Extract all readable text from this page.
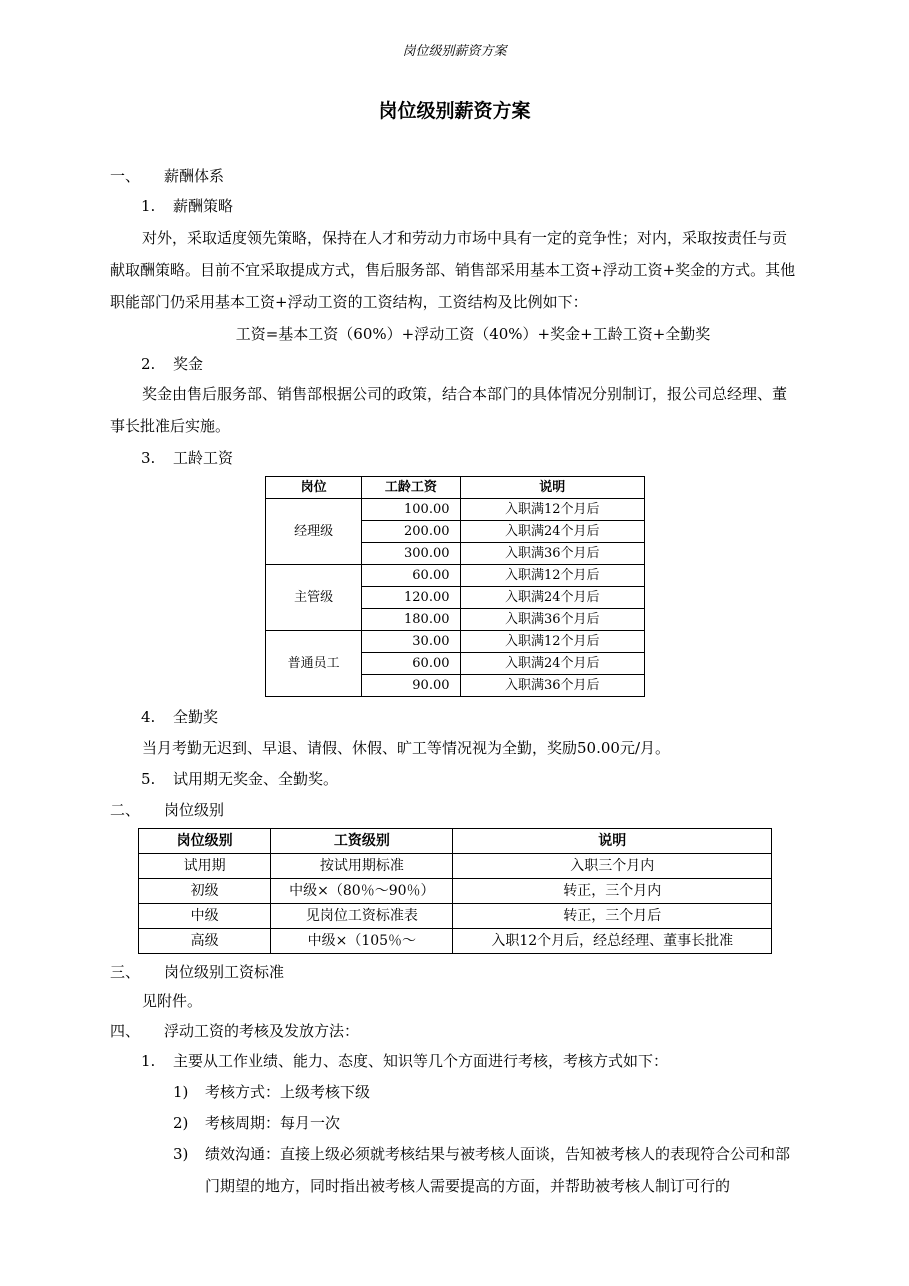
岗位级别薪资方案
岗位级别薪资方案
一、 薪酬体系
1. 薪酬策略
对外，采取适度领先策略，保持在人才和劳动力市场中具有一定的竞争性；对内，采取按责任与贡献取酬策略。目前不宜采取提成方式，售后服务部、销售部采用基本工资+浮动工资+奖金的方式。其他职能部门仍采用基本工资+浮动工资的工资结构，工资结构及比例如下：
工资=基本工资（60%）+浮动工资（40%）+奖金+工龄工资+全勤奖
2. 奖金
奖金由售后服务部、销售部根据公司的政策，结合本部门的具体情况分别制订，报公司总经理、董事长批准后实施。
3. 工龄工资
岗位	工龄工资	说明
经理级	100.00	入职满12个月后
	200.00	入职满24个月后
	300.00	入职满36个月后
主管级	60.00	入职满12个月后
	120.00	入职满24个月后
	180.00	入职满36个月后
普通员工	30.00	入职满12个月后
	60.00	入职满24个月后
	90.00	入职满36个月后
4. 全勤奖
当月考勤无迟到、早退、请假、休假、旷工等情况视为全勤，奖励50.00元/月。
5. 试用期无奖金、全勤奖。
二、 岗位级别
岗位级别	工资级别	说明
试用期	按试用期标准	入职三个月内
初级	中级×（80％～90％）	转正，三个月内
中级	见岗位工资标准表	转正，三个月后
高级	中级×（105％～	入职12个月后，经总经理、董事长批准
三、 岗位级别工资标准
见附件。
四、 浮动工资的考核及发放方法：
1. 主要从工作业绩、能力、态度、知识等几个方面进行考核，考核方式如下：
1) 考核方式：上级考核下级
2) 考核周期：每月一次
3) 绩效沟通：直接上级必须就考核结果与被考核人面谈，告知被考核人的表现符合公司和部门期望的地方，同时指出被考核人需要提高的方面，并帮助被考核人制订可行的
